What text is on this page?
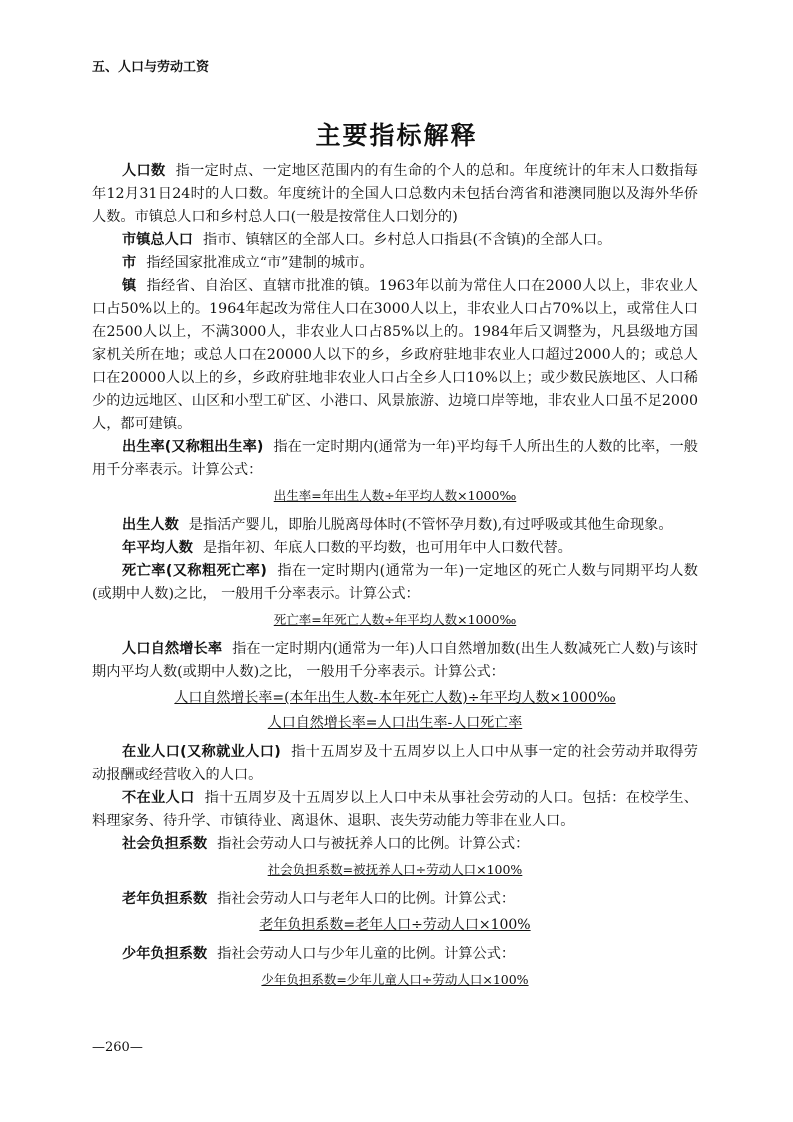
五、人口与劳动工资
主要指标解释

人口数 指一定时点、一定地区范围内的有生命的个人的总和。年度统计的年末人口数指每年12月31日24时的人口数。年度统计的全国人口总数内未包括台湾省和港澳同胞以及海外华侨人数。市镇总人口和乡村总人口(一般是按常住人口划分的)

市镇总人口 指市、镇辖区的全部人口。乡村总人口指县(不含镇)的全部人口。

市 指经国家批准成立“市”建制的城市。

镇 指经省、自治区、直辖市批准的镇。1963年以前为常住人口在2000人以上，非农业人口占50%以上的。1964年起改为常住人口在3000人以上，非农业人口占70%以上，或常住人口在2500人以上，不满3000人，非农业人口占85%以上的。1984年后又调整为，凡县级地方国家机关所在地；或总人口在20000人以下的乡，乡政府驻地非农业人口超过2000人的；或总人口在20000人以上的乡，乡政府驻地非农业人口占全乡人口10%以上；或少数民族地区、人口稀少的边远地区、山区和小型工矿区、小港口、风景旅游、边境口岸等地，非农业人口虽不足2000人，都可建镇。

出生率(又称粗出生率) 指在一定时期内(通常为一年)平均每千人所出生的人数的比率，一般用千分率表示。计算公式：

出生率=年出生人数÷年平均人数×1000‰

出生人数 是指活产婴儿，即胎儿脱离母体时(不管怀孕月数),有过呼吸或其他生命现象。

年平均人数 是指年初、年底人口数的平均数，也可用年中人口数代替。

死亡率(又称粗死亡率) 指在一定时期内(通常为一年)一定地区的死亡人数与同期平均人数(或期中人数)之比， 一般用千分率表示。计算公式：

死亡率=年死亡人数÷年平均人数×1000‰

人口自然增长率 指在一定时期内(通常为一年)人口自然增加数(出生人数减死亡人数)与该时期内平均人数(或期中人数)之比， 一般用千分率表示。计算公式：

人口自然增长率=(本年出生人数-本年死亡人数)÷年平均人数×1000‰
人口自然增长率=人口出生率-人口死亡率

在业人口(又称就业人口) 指十五周岁及十五周岁以上人口中从事一定的社会劳动并取得劳动报酬或经营收入的人口。

不在业人口 指十五周岁及十五周岁以上人口中未从事社会劳动的人口。包括：在校学生、料理家务、待升学、市镇待业、离退休、退职、丧失劳动能力等非在业人口。

社会负担系数 指社会劳动人口与被抚养人口的比例。计算公式：

社会负担系数=被抚养人口÷劳动人口×100%

老年负担系数 指社会劳动人口与老年人口的比例。计算公式：

老年负担系数=老年人口÷劳动人口×100%

少年负担系数 指社会劳动人口与少年儿童的比例。计算公式：

少年负担系数=少年儿童人口÷劳动人口×100%
—260—
